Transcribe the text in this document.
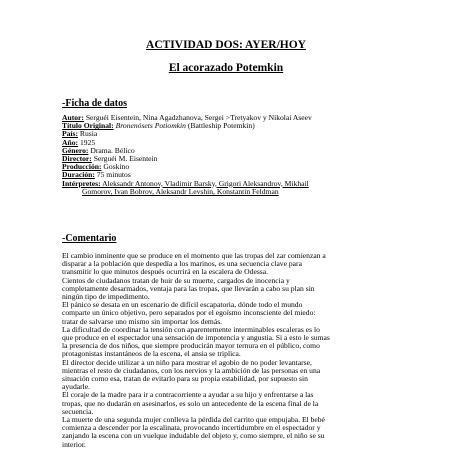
ACTIVIDAD DOS: AYER/HOY
El acorazado Potemkin
-Ficha de datos
Autor: Serguéi Eisentein, Nina Agadzhanova, Sergei >Tretyakov y Nikolai Aseev
Título Original: Bronenósets Potiomkin (Battleship Potemkin)
País: Rusia
Año: 1925
Género: Drama. Bélico
Director: Serguéi M. Eisentein
Producción: Goskino
Duración: 75 minutos
Intérpretes: Aleksandr Antonov, Vladimir Barsky, Grigori Aleksandrov, Mikhail
Gomorov, Ivan Bobrov, Aleksandr Levshin, Konstantin Feldman
-Comentario

El cambio inminente que se produce en el momento que las tropas del zar comienzan a

disparar a la población que despedía a los marinos, es una secuencia clave para

transmitir lo que minutos después ocurrirá en la escalera de Odessa.

Cientos de ciudadanos tratan de huir de su muerte, cargados de inocencia y

completamente desarmados, ventaja para las tropas, que llevarán a cabo su plan sin

ningún tipo de impedimento.

El pánico se desata en un escenario de difícil escapatoria, dónde todo el mundo

comparte un único objetivo, pero separados por el egoísmo inconsciente del miedo:

tratar de salvarse uno mismo sin importar los demás.

La dificultad de coordinar la tensión con aparentemente interminables escaleras es lo

que produce en el espectador una sensación de impotencia y angustia. Si a esto le sumas

la presencia de dos niños, que siempre producirán mayor ternura en el público, como

protagonistas instantáneos de la escena, el ansia se triplica.

El director decide utilizar a un niño para mostrar el agobio de no poder levantarse,

mientras el resto de ciudadanos, con los nervios y la ambición de las personas en una

situación como esa, tratan de evitarlo para su propia estabilidad, por supuesto sin

ayudarle.

El coraje de la madre para ir a contracorriente a ayudar a su hijo y enfrentarse a las

tropas, que no dudarán en asesinarlos, es solo un antecedente de la escena final de la

secuencia.

La muerte de una segunda mujer conlleva la pérdida del carrito que empujaba. El bebé

comienza a descender por la escalinata, provocando incertidumbre en el espectador y

zanjando la escena con un vuelque indudable del objeto y, como siempre, el niño se su

interior.
